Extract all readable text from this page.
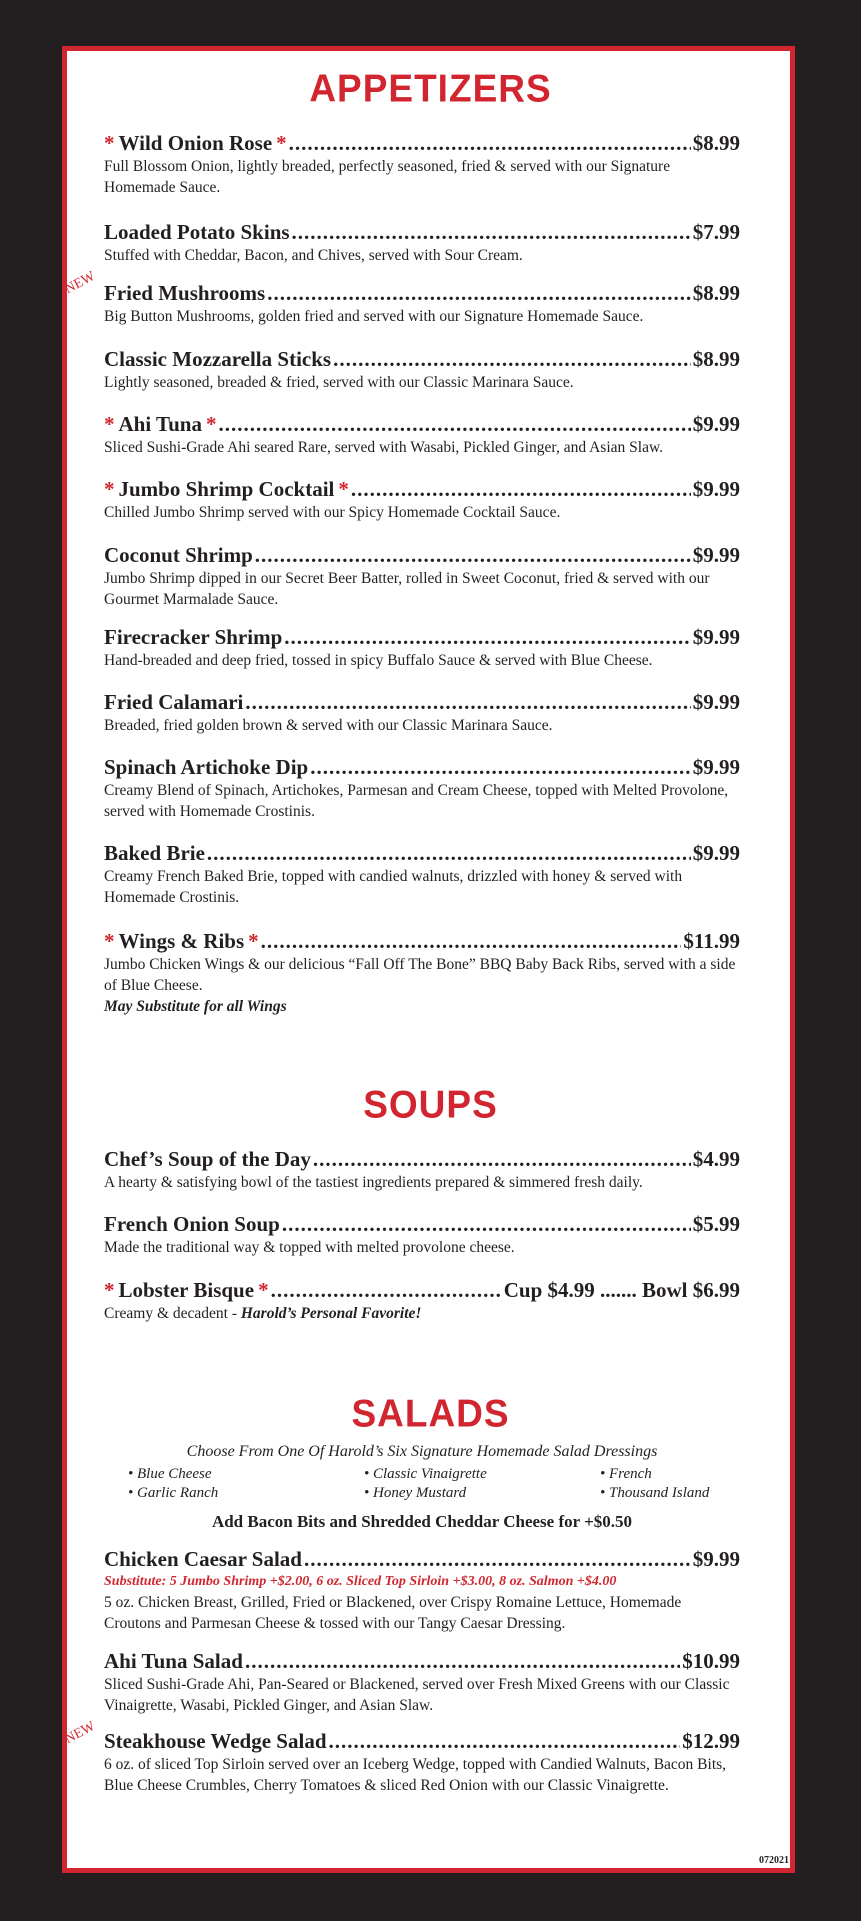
APPETIZERS
* Wild Onion Rose * .....	$8.99
Full Blossom Onion, lightly breaded, perfectly seasoned, fried & served with our Signature Homemade Sauce.
Loaded Potato Skins .....	$7.99
Stuffed with Cheddar, Bacon, and Chives, served with Sour Cream.
NEW Fried Mushrooms .....	$8.99
Big Button Mushrooms, golden fried and served with our Signature Homemade Sauce.
Classic Mozzarella Sticks .....	$8.99
Lightly seasoned, breaded & fried, served with our Classic Marinara Sauce.
* Ahi Tuna * .....	$9.99
Sliced Sushi-Grade Ahi seared Rare, served with Wasabi, Pickled Ginger, and Asian Slaw.
* Jumbo Shrimp Cocktail * .....	$9.99
Chilled Jumbo Shrimp served with our Spicy Homemade Cocktail Sauce.
Coconut Shrimp .....	$9.99
Jumbo Shrimp dipped in our Secret Beer Batter, rolled in Sweet Coconut, fried & served with our Gourmet Marmalade Sauce.
Firecracker Shrimp .....	$9.99
Hand-breaded and deep fried, tossed in spicy Buffalo Sauce & served with Blue Cheese.
Fried Calamari .....	$9.99
Breaded, fried golden brown & served with our Classic Marinara Sauce.
Spinach Artichoke Dip .....	$9.99
Creamy Blend of Spinach, Artichokes, Parmesan and Cream Cheese, topped with Melted Provolone, served with Homemade Crostinis.
Baked Brie .....	$9.99
Creamy French Baked Brie, topped with candied walnuts, drizzled with honey & served with Homemade Crostinis.
* Wings & Ribs * .....	$11.99
Jumbo Chicken Wings & our delicious “Fall Off The Bone” BBQ Baby Back Ribs, served with a side of Blue Cheese.
May Substitute for all Wings
SOUPS
Chef’s Soup of the Day .....	$4.99
A hearty & satisfying bowl of the tastiest ingredients prepared & simmered fresh daily.
French Onion Soup .....	$5.99
Made the traditional way & topped with melted provolone cheese.
* Lobster Bisque * .....	Cup $4.99 ....... Bowl $6.99
Creamy & decadent - Harold’s Personal Favorite!
SALADS
Choose From One Of Harold’s Six Signature Homemade Salad Dressings
• Blue Cheese	• Classic Vinaigrette	• French
• Garlic Ranch	• Honey Mustard	• Thousand Island
Add Bacon Bits and Shredded Cheddar Cheese for +$0.50
Chicken Caesar Salad .....	$9.99
Substitute: 5 Jumbo Shrimp +$2.00, 6 oz. Sliced Top Sirloin +$3.00, 8 oz. Salmon +$4.00
5 oz. Chicken Breast, Grilled, Fried or Blackened, over Crispy Romaine Lettuce, Homemade Croutons and Parmesan Cheese & tossed with our Tangy Caesar Dressing.
Ahi Tuna Salad .....	$10.99
Sliced Sushi-Grade Ahi, Pan-Seared or Blackened, served over Fresh Mixed Greens with our Classic Vinaigrette, Wasabi, Pickled Ginger, and Asian Slaw.
NEW Steakhouse Wedge Salad .....	$12.99
6 oz. of sliced Top Sirloin served over an Iceberg Wedge, topped with Candied Walnuts, Bacon Bits, Blue Cheese Crumbles, Cherry Tomatoes & sliced Red Onion with our Classic Vinaigrette.
072021
